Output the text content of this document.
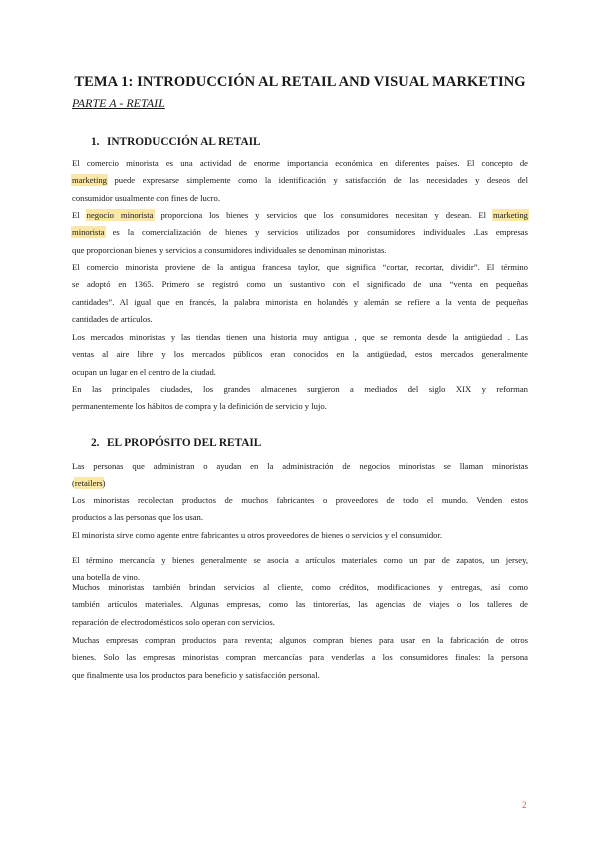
TEMA 1: INTRODUCCIÓN AL RETAIL AND VISUAL MARKETING
PARTE A - RETAIL
1. INTRODUCCIÓN AL RETAIL
El comercio minorista es una actividad de enorme importancia económica en diferentes países. El concepto de
marketing puede expresarse simplemente como la identificación y satisfacción de las necesidades y deseos del
consumidor usualmente con fines de lucro.
El negocio minorista proporciona los bienes y servicios que los consumidores necesitan y desean. El marketing
minorista es la comercialización de bienes y servicios utilizados por consumidores individuales .Las empresas
que proporcionan bienes y servicios a consumidores individuales se denominan minoristas.
El comercio minorista proviene de la antigua francesa taylor, que significa “cortar, recortar, dividir”. El término
se adoptó en 1365. Primero se registró como un sustantivo con el significado de una “venta en pequeñas
cantidades”. Al igual que en francés, la palabra minorista en holandés y alemán se refiere a la venta de pequeñas
cantidades de artículos.
Los mercados minoristas y las tiendas tienen una historia muy antigua , que se remonta desde la antigüedad . Las
ventas al aire libre y los mercados públicos eran conocidos en la antigüedad, estos mercados generalmente
ocupan un lugar en el centro de la ciudad.
En las principales ciudades, los grandes almacenes surgieron a mediados del siglo XIX y reforman
permanentemente los hábitos de compra y la definición de servicio y lujo.
2. EL PROPÓSITO DEL RETAIL
Las personas que administran o ayudan en la administración de negocios minoristas se llaman minoristas
(retailers)
Los minoristas recolectan productos de muchos fabricantes o proveedores de todo el mundo. Venden estos
productos a las personas que los usan.
El minorista sirve como agente entre fabricantes u otros proveedores de bienes o servicios y el consumidor.
El término mercancía y bienes generalmente se asocia a artículos materiales como un par de zapatos, un jersey,
una botella de vino.
Muchos minoristas también brindan servicios al cliente, como créditos, modificaciones y entregas, así como
también artículos materiales. Algunas empresas, como las tintorerías, las agencias de viajes o los talleres de
reparación de electrodomésticos solo operan con servicios.
Muchas empresas compran productos para reventa; algunos compran bienes para usar en la fabricación de otros
bienes. Solo las empresas minoristas compran mercancías para venderlas a los consumidores finales: la persona
que finalmente usa los productos para beneficio y satisfacción personal.
2
